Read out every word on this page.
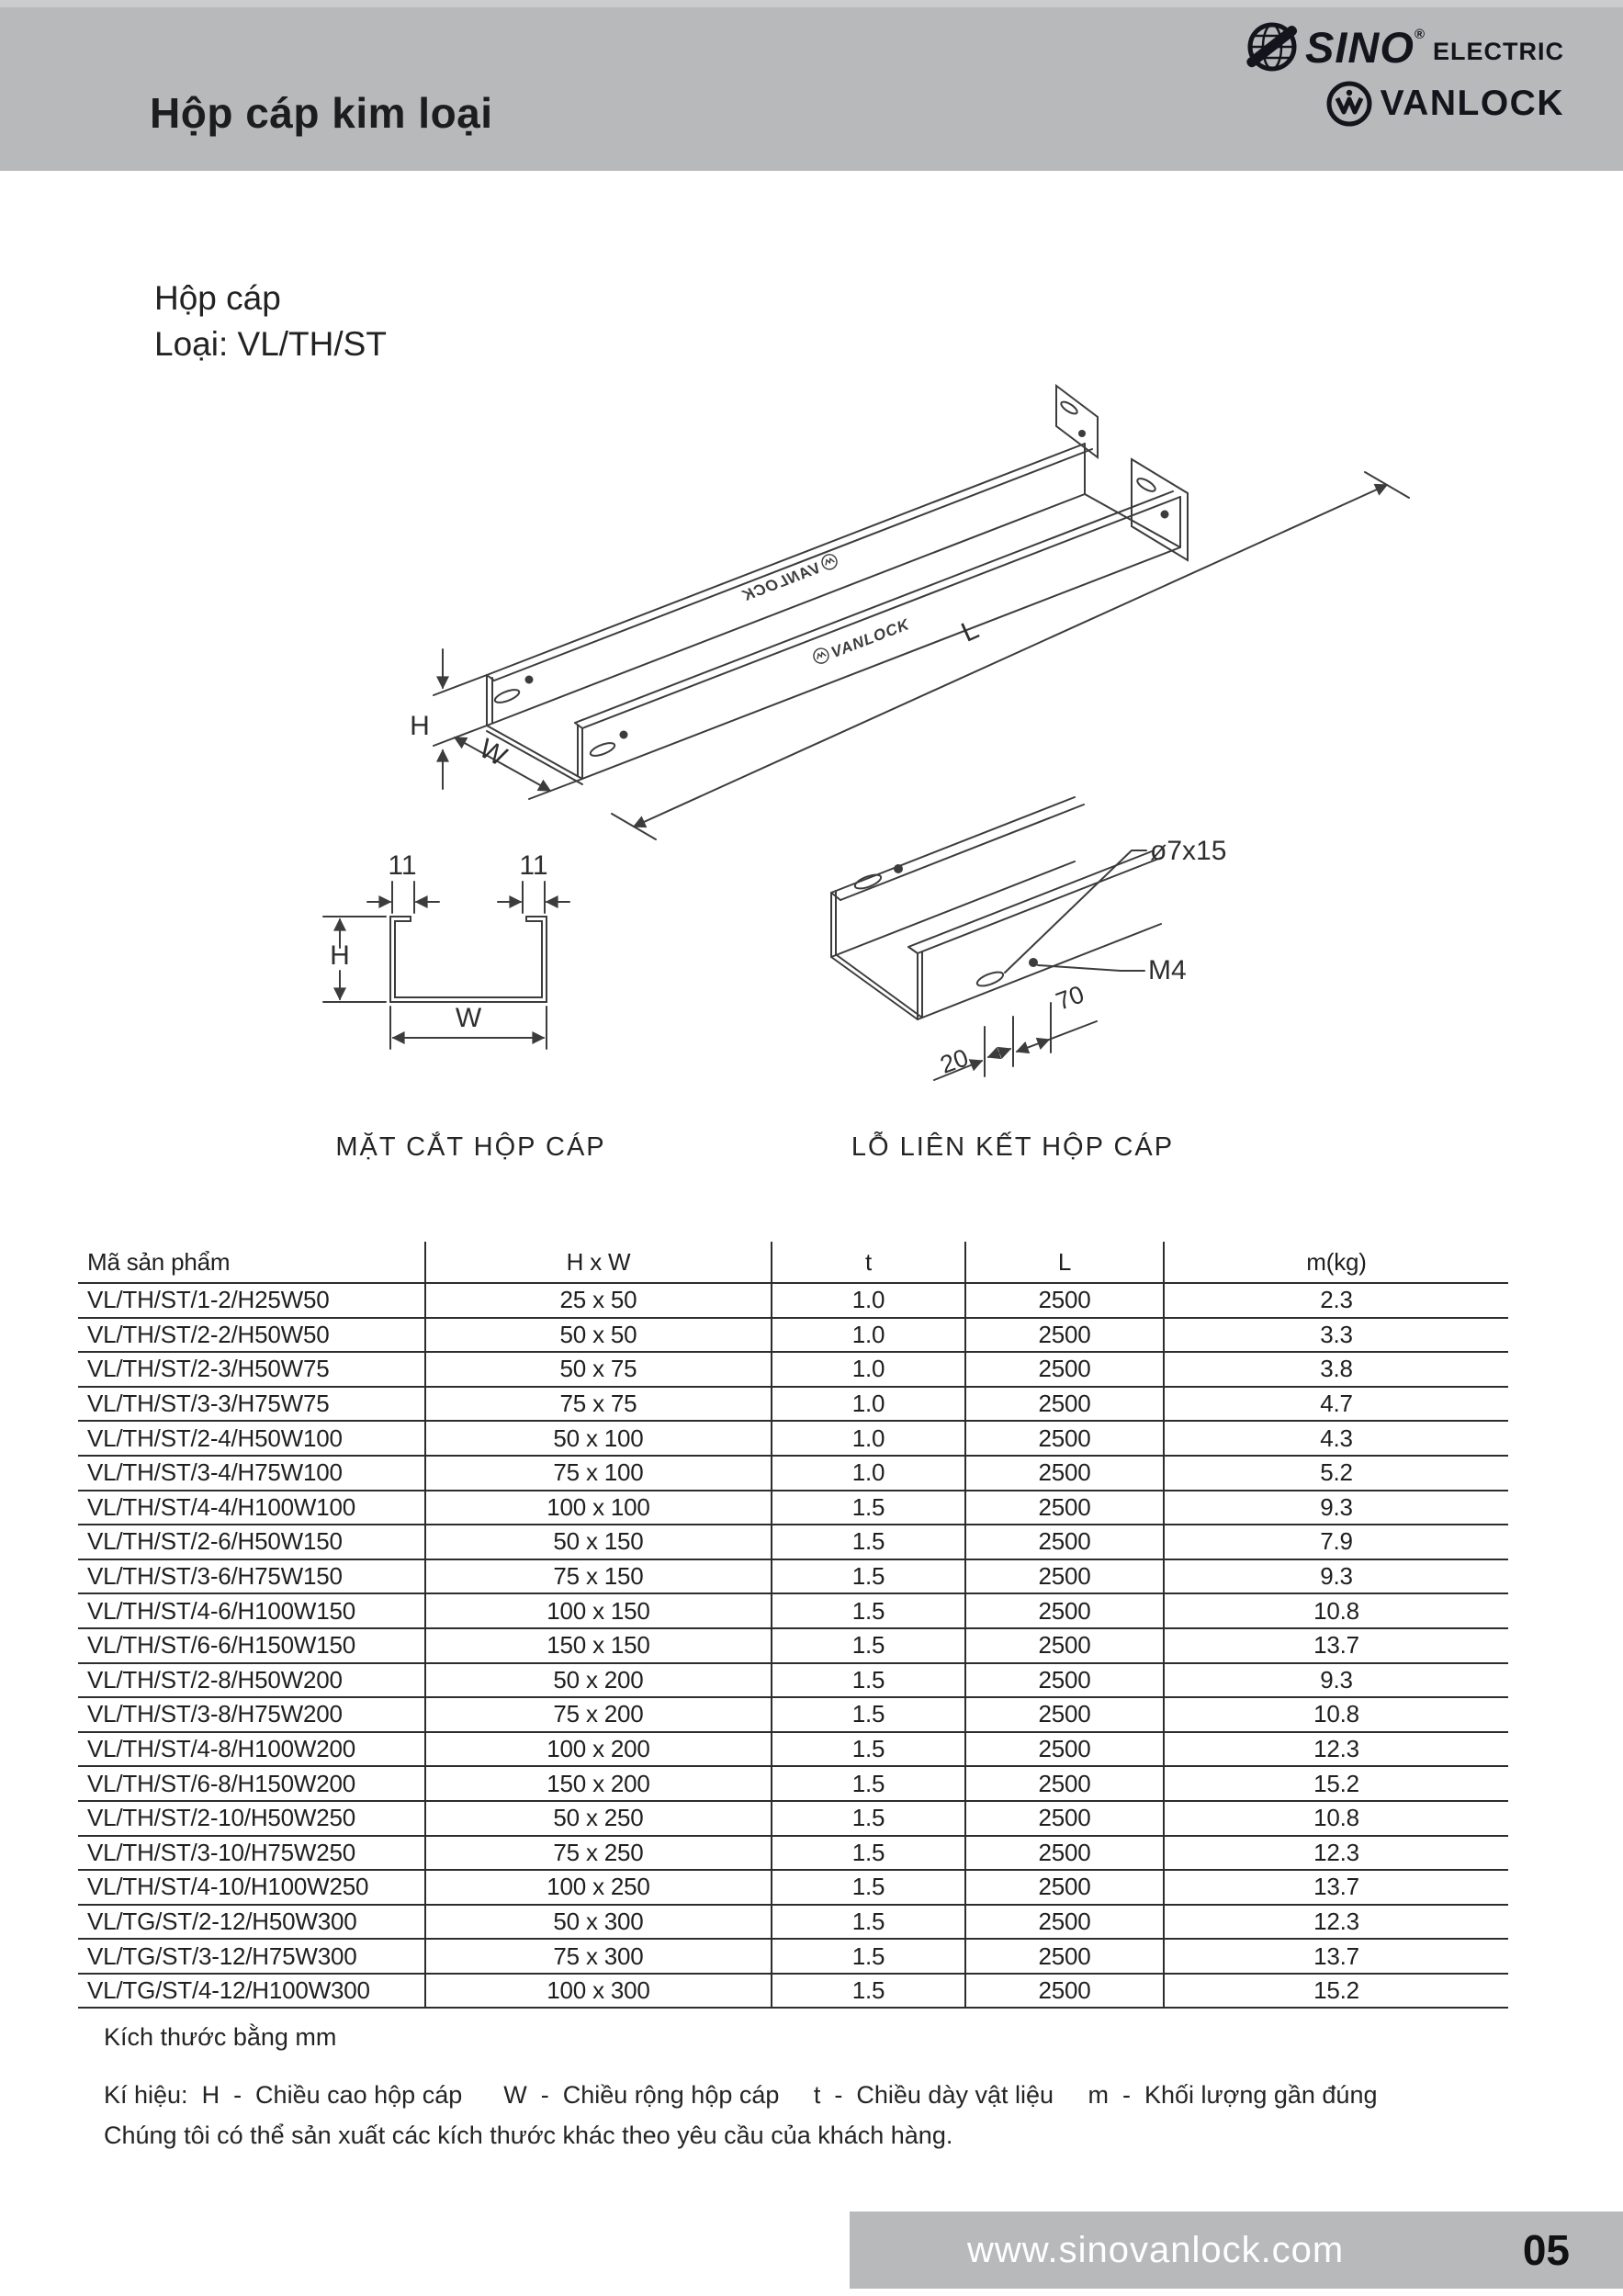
Hộp cáp kim loại
SINO ®
ELECTRIC
VANLOCK
Hộp cáp
Loại: VL/TH/ST
H
W
L
VANLOCK
VANLOCK
11	11
H
W
MẶT CẮT HỘP CÁP
ø7x15
M4
20
70
LỖ LIÊN KẾT HỘP CÁP
Mã sản phẩm	H x W	t	L	m(kg)
VL/TH/ST/1-2/H25W50	25 x 50	1.0	2500	2.3
VL/TH/ST/2-2/H50W50	50 x 50	1.0	2500	3.3
VL/TH/ST/2-3/H50W75	50 x 75	1.0	2500	3.8
VL/TH/ST/3-3/H75W75	75 x 75	1.0	2500	4.7
VL/TH/ST/2-4/H50W100	50 x 100	1.0	2500	4.3
VL/TH/ST/3-4/H75W100	75 x 100	1.0	2500	5.2
VL/TH/ST/4-4/H100W100	100 x 100	1.5	2500	9.3
VL/TH/ST/2-6/H50W150	50 x 150	1.5	2500	7.9
VL/TH/ST/3-6/H75W150	75 x 150	1.5	2500	9.3
VL/TH/ST/4-6/H100W150	100 x 150	1.5	2500	10.8
VL/TH/ST/6-6/H150W150	150 x 150	1.5	2500	13.7
VL/TH/ST/2-8/H50W200	50 x 200	1.5	2500	9.3
VL/TH/ST/3-8/H75W200	75 x 200	1.5	2500	10.8
VL/TH/ST/4-8/H100W200	100 x 200	1.5	2500	12.3
VL/TH/ST/6-8/H150W200	150 x 200	1.5	2500	15.2
VL/TH/ST/2-10/H50W250	50 x 250	1.5	2500	10.8
VL/TH/ST/3-10/H75W250	75 x 250	1.5	2500	12.3
VL/TH/ST/4-10/H100W250	100 x 250	1.5	2500	13.7
VL/TG/ST/2-12/H50W300	50 x 300	1.5	2500	12.3
VL/TG/ST/3-12/H75W300	75 x 300	1.5	2500	13.7
VL/TG/ST/4-12/H100W300	100 x 300	1.5	2500	15.2
Kích thước bằng mm
Kí hiệu:  H  -  Chiều cao hộp cáp      W  -  Chiều rộng hộp cáp     t  -  Chiều dày vật liệu     m  -  Khối lượng gần đúng
Chúng tôi có thể sản xuất các kích thước khác theo yêu cầu của khách hàng.
www.sinovanlock.com	05
